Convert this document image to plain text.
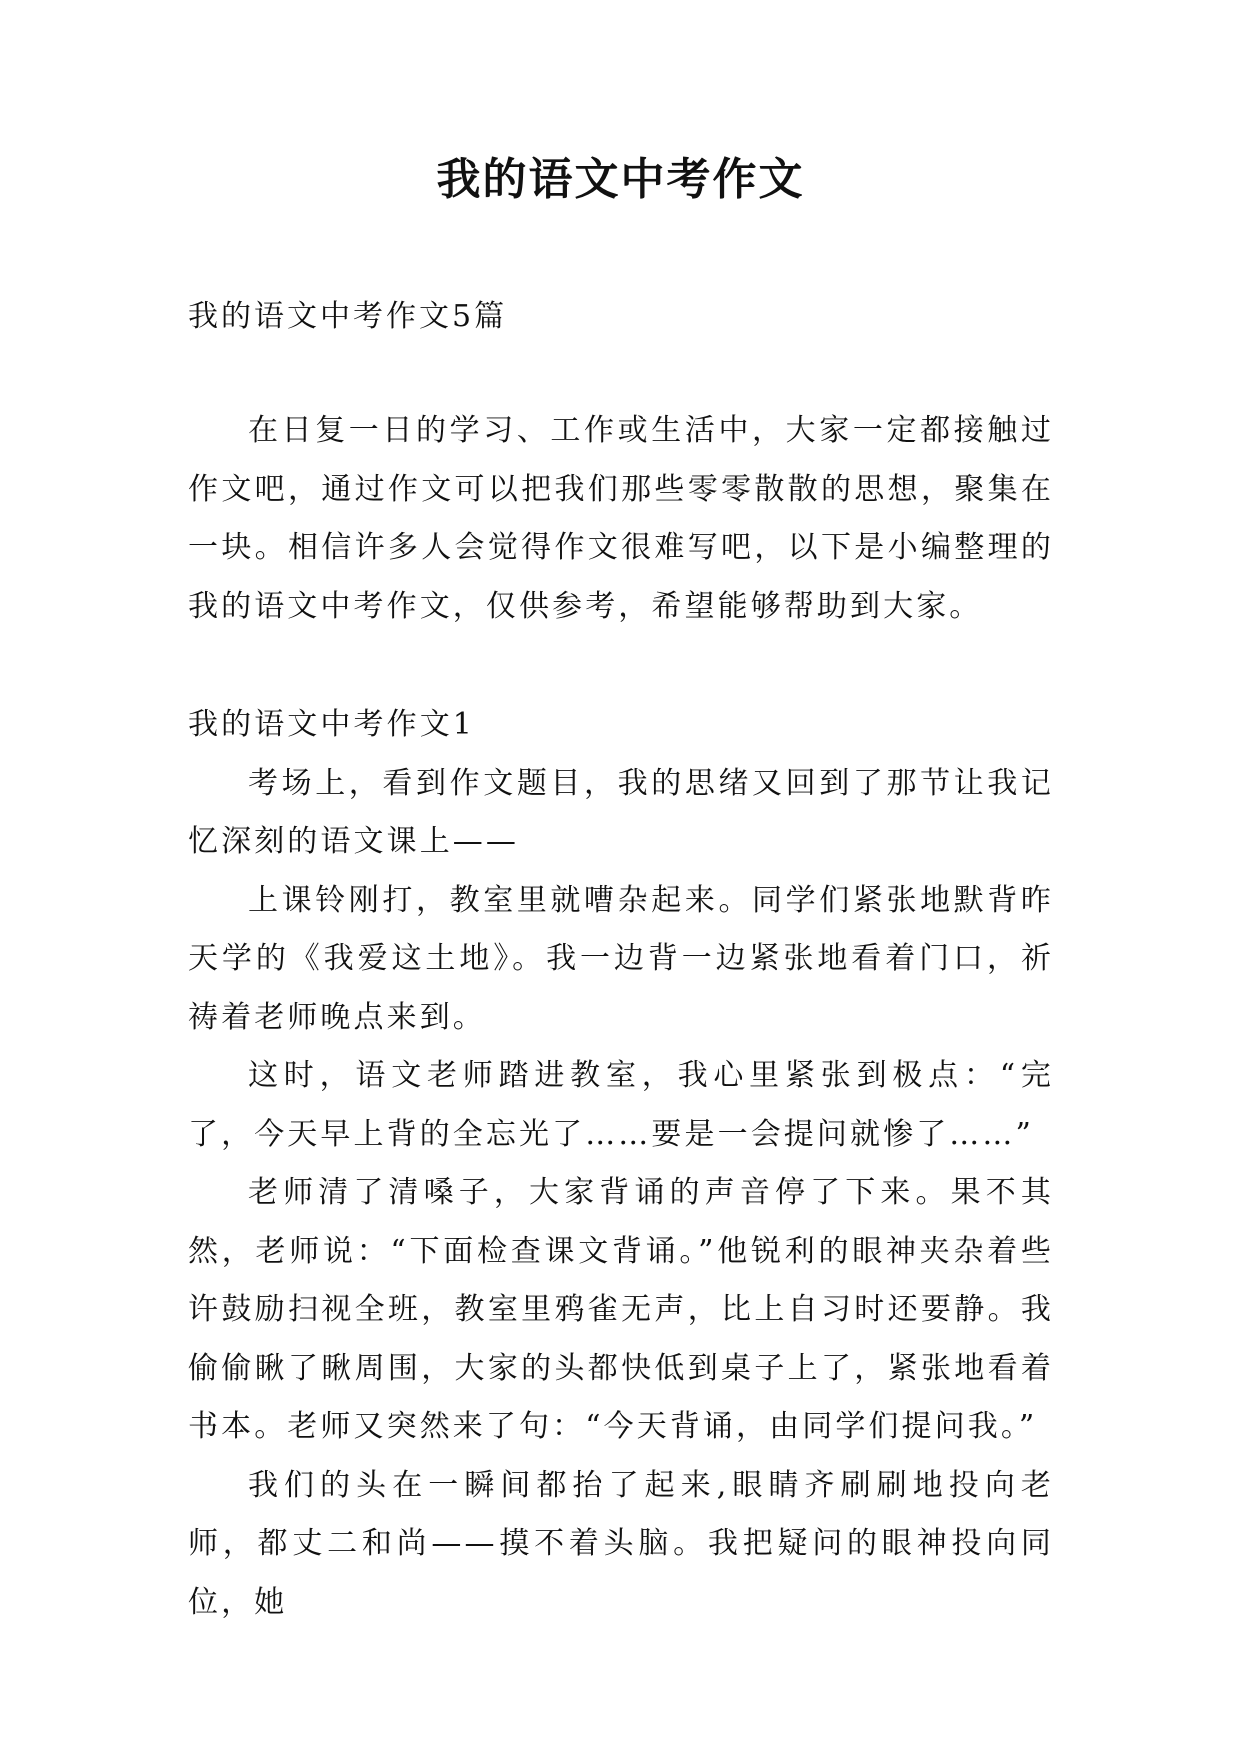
我的语文中考作文
我的语文中考作文5篇

在日复一日的学习、工作或生活中，大家一定都接触过作文吧，通过作文可以把我们那些零零散散的思想，聚集在一块。相信许多人会觉得作文很难写吧，以下是小编整理的我的语文中考作文，仅供参考，希望能够帮助到大家。

我的语文中考作文1

考场上，看到作文题目，我的思绪又回到了那节让我记忆深刻的语文课上——

上课铃刚打，教室里就嘈杂起来。同学们紧张地默背昨天学的《我爱这土地》。我一边背一边紧张地看着门口，祈祷着老师晚点来到。

这时，语文老师踏进教室，我心里紧张到极点：“完了，今天早上背的全忘光了……要是一会提问就惨了……”

老师清了清嗓子，大家背诵的声音停了下来。果不其然，老师说：“下面检查课文背诵。”他锐利的眼神夹杂着些许鼓励扫视全班，教室里鸦雀无声，比上自习时还要静。我偷偷瞅了瞅周围，大家的头都快低到桌子上了，紧张地看着书本。老师又突然来了句：“今天背诵，由同学们提问我。”

我们的头在一瞬间都抬了起来,眼睛齐刷刷地投向老师，都丈二和尚——摸不着头脑。我把疑问的眼神投向同位，她
